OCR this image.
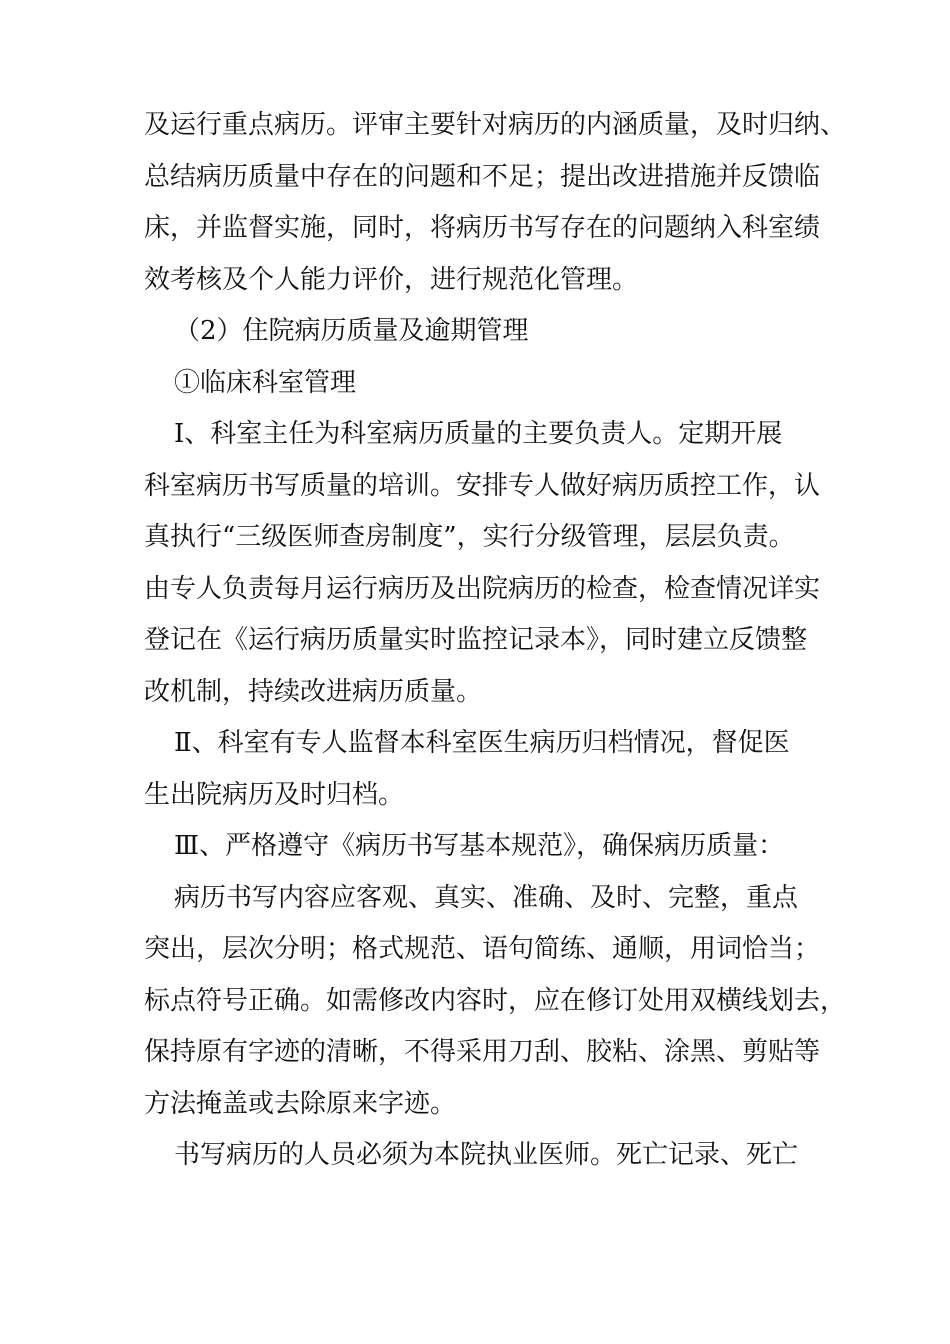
及运行重点病历。评审主要针对病历的内涵质量，及时归纳、

总结病历质量中存在的问题和不足；提出改进措施并反馈临

床，并监督实施，同时，将病历书写存在的问题纳入科室绩

效考核及个人能力评价，进行规范化管理。

（2）住院病历质量及逾期管理

①临床科室管理

Ⅰ、科室主任为科室病历质量的主要负责人。定期开展

科室病历书写质量的培训。安排专人做好病历质控工作，认

真执行“三级医师查房制度”，实行分级管理，层层负责。

由专人负责每月运行病历及出院病历的检查，检查情况详实

登记在《运行病历质量实时监控记录本》，同时建立反馈整

改机制，持续改进病历质量。

Ⅱ、科室有专人监督本科室医生病历归档情况，督促医

生出院病历及时归档。

Ⅲ、严格遵守《病历书写基本规范》，确保病历质量：

病历书写内容应客观、真实、准确、及时、完整，重点

突出，层次分明；格式规范、语句简练、通顺，用词恰当；

标点符号正确。如需修改内容时，应在修订处用双横线划去，

保持原有字迹的清晰，不得采用刀刮、胶粘、涂黑、剪贴等

方法掩盖或去除原来字迹。

书写病历的人员必须为本院执业医师。死亡记录、死亡
